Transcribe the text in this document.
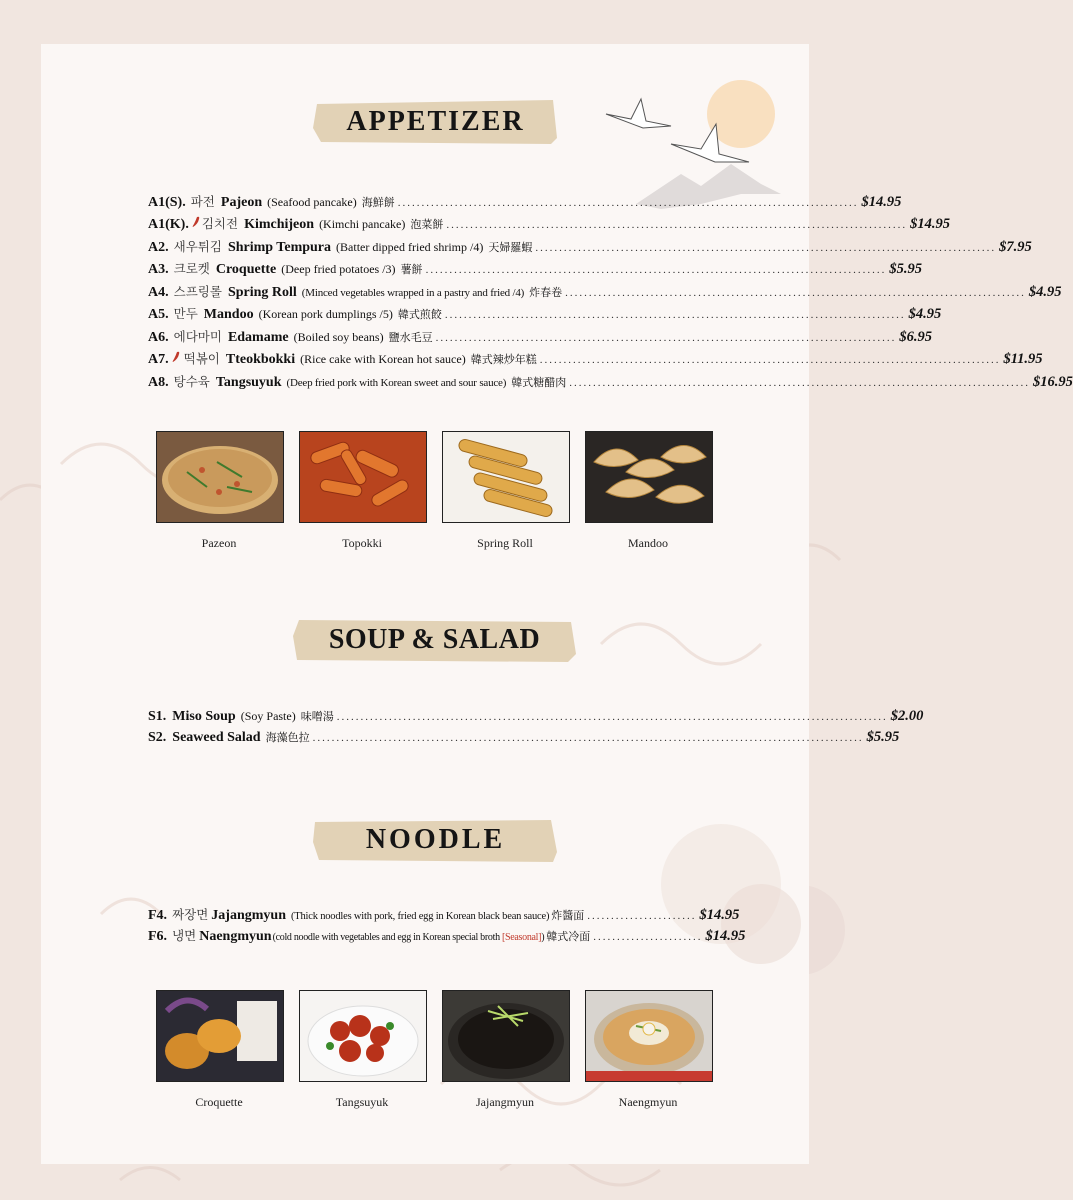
APPETIZER
A1(S). 파전 Pajeon (Seafood pancake) 海鮮餅 ................................................................................................. $14.95
A1(K). 김치전 Kimchijeon (Kimchi pancake) 泡菜餅 ................................................................................................. $14.95
A2. 새우튀김 Shrimp Tempura (Batter dipped fried shrimp /4) 天婦羅蝦 ................................................................................................. $7.95
A3. 크로켓 Croquette (Deep fried potatoes /3) 薯餅 ................................................................................................. $5.95
A4. 스프링롤 Spring Roll (Minced vegetables wrapped in a pastry and fried /4) 炸春卷 ................................................................................................. $4.95
A5. 만두 Mandoo (Korean pork dumplings /5) 韓式煎餃 ................................................................................................. $4.95
A6. 에다마미 Edamame (Boiled soy beans) 鹽水毛豆 ................................................................................................. $6.95
A7. 떡볶이 Tteokbokki (Rice cake with Korean hot sauce) 韓式辣炒年糕 ................................................................................................. $11.95
A8. 탕수육 Tangsuyuk (Deep fried pork with Korean sweet and sour sauce) 韓式糖醋肉 ................................................................................................. $16.95
Pazeon	Topokki	Spring Roll	Mandoo
SOUP & SALAD
S1. Miso Soup (Soy Paste) 味噌湯 .................................................................................................................... $2.00
S2. Seaweed Salad 海藻色拉 .................................................................................................................... $5.95
NOODLE
F4. 짜장면 Jajangmyun (Thick noodles with pork, fried egg in Korean black bean sauce) 炸醬面 ....................... $14.95
F6. 냉면 Naengmyun (cold noodle with vegetables and egg in Korean special broth [Seasonal]) 韓式冷面 ....................... $14.95
Croquette	Tangsuyuk	Jajangmyun	Naengmyun
